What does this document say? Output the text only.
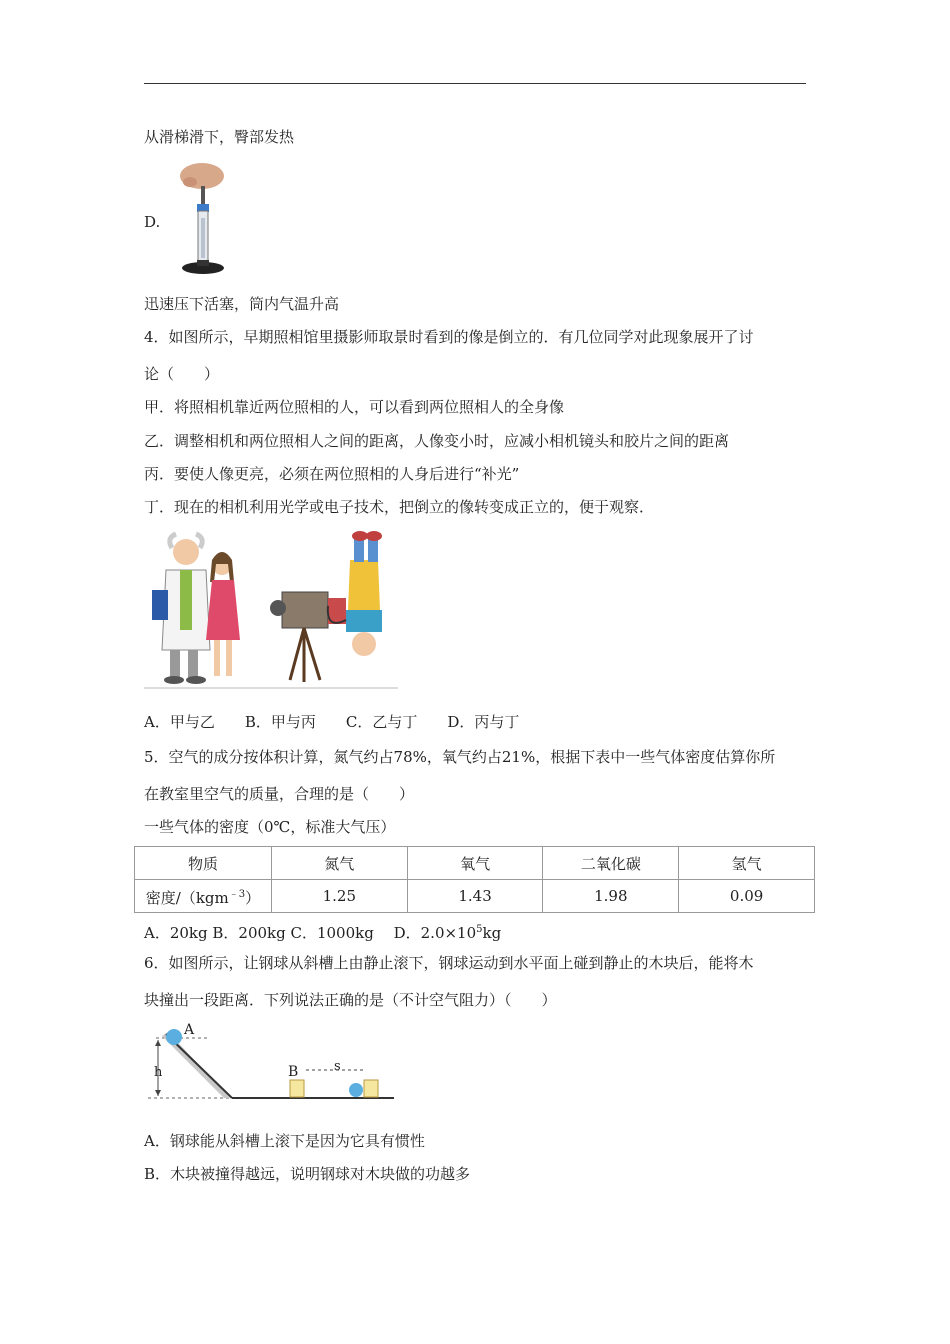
从滑梯滑下，臀部发热
D.
迅速压下活塞，筒内气温升高
4．如图所示，早期照相馆里摄影师取景时看到的像是倒立的．有几位同学对此现象展开了讨
论（　　）
甲．将照相机靠近两位照相的人，可以看到两位照相人的全身像
乙．调整相机和两位照相人之间的距离，人像变小时，应减小相机镜头和胶片之间的距离
丙．要使人像更亮，必须在两位照相的人身后进行“补光”
丁．现在的相机利用光学或电子技术，把倒立的像转变成正立的，便于观察．
A．甲与乙　　B．甲与丙　　C．乙与丁　　D．丙与丁
5．空气的成分按体积计算，氮气约占78%，氧气约占21%，根据下表中一些气体密度估算你所
在教室里空气的质量，合理的是（　　）
一些气体的密度（0℃，标准大气压）
物质	氮气	氧气	二氧化碳	氢气
密度/（kgm$^{﹣3}$）	1.25	1.43	1.98	0.09
A．20kg B．200kg C．1000kg　 D．$2.0\times 10^5kg$
6．如图所示，让钢球从斜槽上由静止滚下，钢球运动到水平面上碰到静止的木块后，能将木
块撞出一段距离．下列说法正确的是（不计空气阻力）（　　）
h
A
B	s
A．钢球能从斜槽上滚下是因为它具有惯性
B．木块被撞得越远，说明钢球对木块做的功越多
